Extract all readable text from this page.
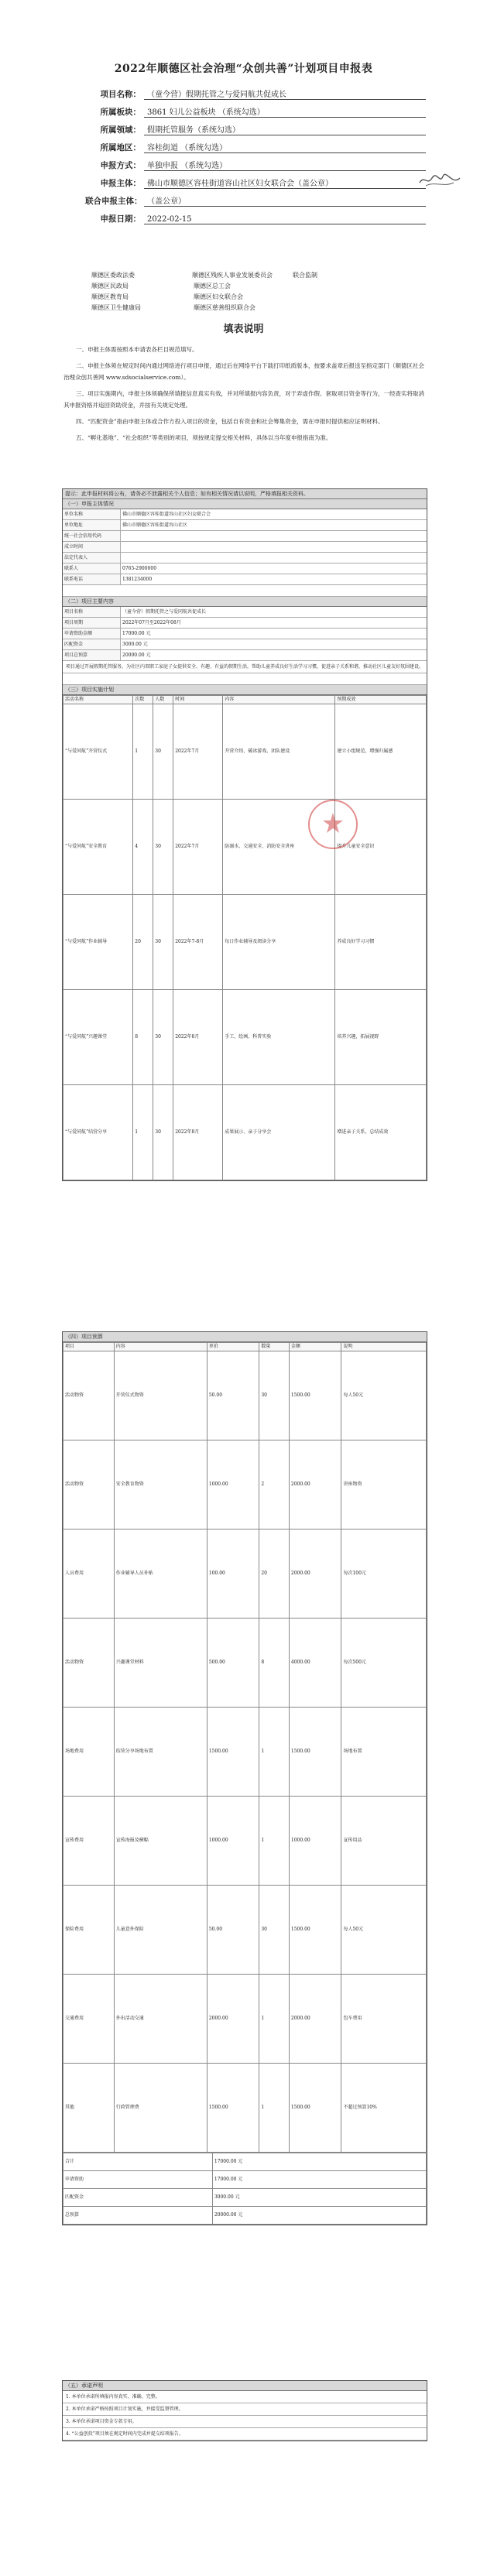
2022年顺德区社会治理“众创共善”计划项目申报表
项目名称： （童今营）假期托管之与爱同航共促成长
所属板块： 3861 妇儿公益板块 （系统勾选）
所属领域： 假期托管服务（系统勾选）
所属地区： 容桂街道 （系统勾选）
申报方式： 单独申报 （系统勾选）
申报主体： 佛山市顺德区容桂街道容山社区妇女联合会（盖公章）
联合申报主体： （盖公章）
申报日期： 2022-02-15
顺德区委政法委	顺德区残疾人事业发展委员会	联合监制
顺德区民政局	顺德区总工会
顺德区教育局	顺德区妇女联合会
顺德区卫生健康局	顺德区慈善组织联合会
填表说明

一、申报主体需按照本申请表各栏目规范填写。

二、申报主体须在规定时间内通过网络进行项目申报，通过后在网络平台下载打印纸质版本，按要求盖章后报送至指定部门（顺德区社会治理众创共善网 www.sdsocialservice.com）。

三、项目实施期内，申报主体须确保所填报信息真实有效，并对所填报内容负责，对于弄虚作假、套取项目资金等行为，一经查实将取消其申报资格并追回资助资金，并按有关规定处理。

四、“匹配资金”指由申报主体或合作方投入项目的资金，包括自有资金和社会筹集资金，需在申报时提供相应证明材料。

五、“孵化基地”、“社会组织”等类别的项目，须按规定提交相关材料，具体以当年度申报指南为准。

提示：此申报材料将公布，请务必不泄露相关个人信息；如有相关情况请以说明，严格填报相关资料。
（一）申报主体情况
单位名称	佛山市顺德区容桂街道容山社区妇女联合会
单位地址	佛山市顺德区容桂街道容山社区
统一社会信用代码
成立时间
法定代表人
联系人	0765-2900000
联系电话	1381234000
（二）项目主要内容
项目名称	（童今营）假期托管之与爱同航共促成长
项目周期	2022年07月至2022年08月
申请资助金额	17000.00 元
匹配资金	3000.00 元
项目总预算	20000.00 元
项目通过开展假期托管服务，为社区内双职工家庭子女提供安全、有趣、有益的假期生活，帮助儿童养成良好生活学习习惯，促进亲子关系和谐，推动社区儿童友好氛围建设。
（三）项目实施计划
活动名称	次数	人数	时间	内容	预期成效
“与爱同航”开营仪式	1	30	2022年7月	开营介绍、破冰游戏、团队建设	建立小组规范，增强归属感
“与爱同航”安全教育	4	30	2022年7月	防溺水、交通安全、消防安全讲座	提升儿童安全意识
“与爱同航”作业辅导	20	30	2022年7-8月	每日作业辅导及阅读分享	养成良好学习习惯
“与爱同航”兴趣课堂	8	30	2022年8月	手工、绘画、科普实验	培养兴趣，拓展视野
“与爱同航”结营分享	1	30	2022年8月	成果展示、亲子分享会	增进亲子关系，总结成效
（四）项目预算
项目	内容	单价	数量	金额	说明
活动物资	开营仪式物资	50.00	30	1500.00	每人50元
活动物资	安全教育物资	1000.00	2	2000.00	讲座物资
人员费用	作业辅导人员补贴	100.00	20	2000.00	每次100元
活动物资	兴趣课堂材料	500.00	8	4000.00	每次500元
场地费用	结营分享场地布置	1500.00	1	1500.00	场地布置
宣传费用	宣传海报及横幅	1000.00	1	1000.00	宣传用品
保险费用	儿童意外保险	50.00	30	1500.00	每人50元
交通费用	外出活动交通	2000.00	1	2000.00	包车费用
其他	行政管理费	1500.00	1	1500.00	不超过预算10%
合计	17000.00 元
申请资助	17000.00 元
匹配资金	3000.00 元
总预算	20000.00 元
（五）承诺声明
1. 本单位承诺所填报内容真实、准确、完整。
2. 本单位承诺严格按照项目计划实施，并接受监督管理。
3. 本单位承诺项目资金专款专用。
4. “公益创投”项目须在规定时间内完成并提交结项报告。
